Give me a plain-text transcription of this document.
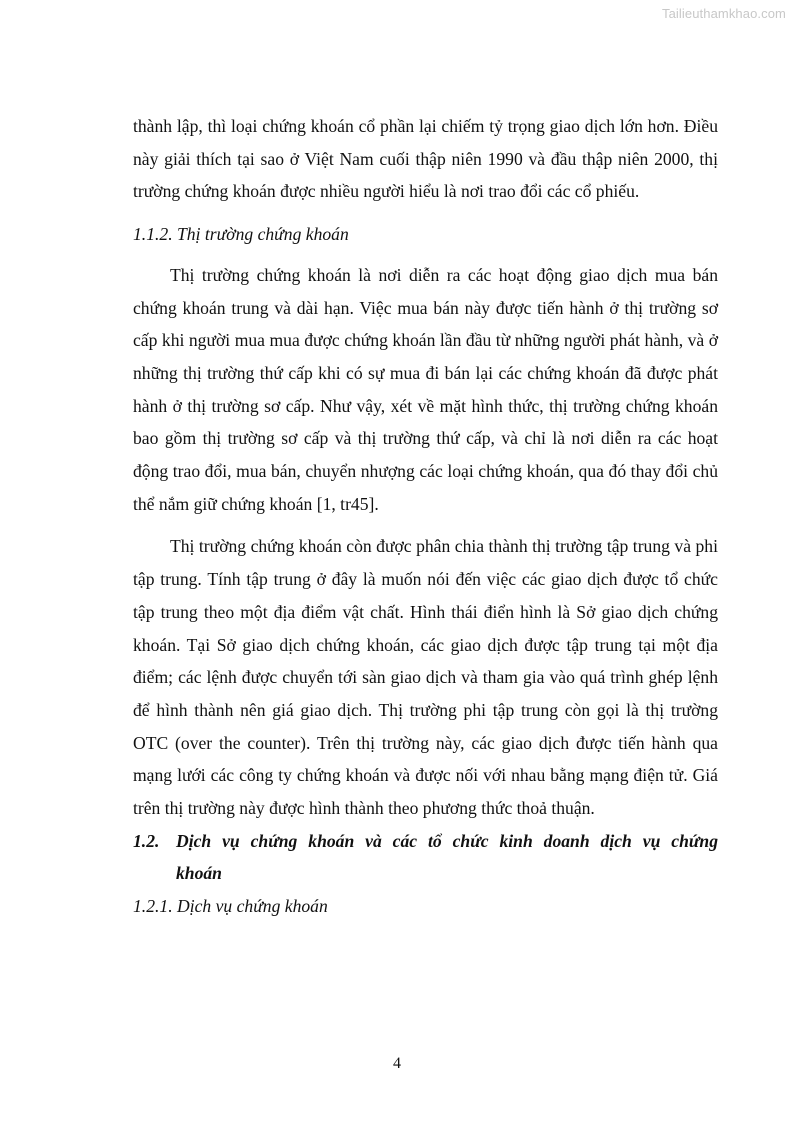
Tailieuthamkhao.com

thành lập, thì loại chứng khoán cổ phần lại chiếm tỷ trọng giao dịch lớn hơn. Điều này giải thích tại sao ở Việt Nam cuối thập niên 1990 và đầu thập niên 2000, thị trường chứng khoán được nhiều người hiểu là nơi trao đổi các cổ phiếu.

1.1.2. Thị trường chứng khoán

Thị trường chứng khoán là nơi diễn ra các hoạt động giao dịch mua bán chứng khoán trung và dài hạn. Việc mua bán này được tiến hành ở thị trường sơ cấp khi người mua mua được chứng khoán lần đầu từ những người phát hành, và ở những thị trường thứ cấp khi có sự mua đi bán lại các chứng khoán đã được phát hành ở thị trường sơ cấp. Như vậy, xét về mặt hình thức, thị trường chứng khoán bao gồm thị trường sơ cấp và thị trường thứ cấp, và chỉ là nơi diễn ra các hoạt động trao đổi, mua bán, chuyển nhượng các loại chứng khoán, qua đó thay đổi chủ thể nắm giữ chứng khoán [1, tr45].

Thị trường chứng khoán còn được phân chia thành thị trường tập trung và phi tập trung. Tính tập trung ở đây là muốn nói đến việc các giao dịch được tổ chức tập trung theo một địa điểm vật chất. Hình thái điển hình là Sở giao dịch chứng khoán. Tại Sở giao dịch chứng khoán, các giao dịch được tập trung tại một địa điểm; các lệnh được chuyển tới sàn giao dịch và tham gia vào quá trình ghép lệnh để hình thành nên giá giao dịch. Thị trường phi tập trung còn gọi là thị trường OTC (over the counter). Trên thị trường này, các giao dịch được tiến hành qua mạng lưới các công ty chứng khoán và được nối với nhau bằng mạng điện tử. Giá trên thị trường này được hình thành theo phương thức thoả thuận.

1.2. Dịch vụ chứng khoán và các tổ chức kinh doanh dịch vụ chứng khoán

1.2.1. Dịch vụ chứng khoán

4
